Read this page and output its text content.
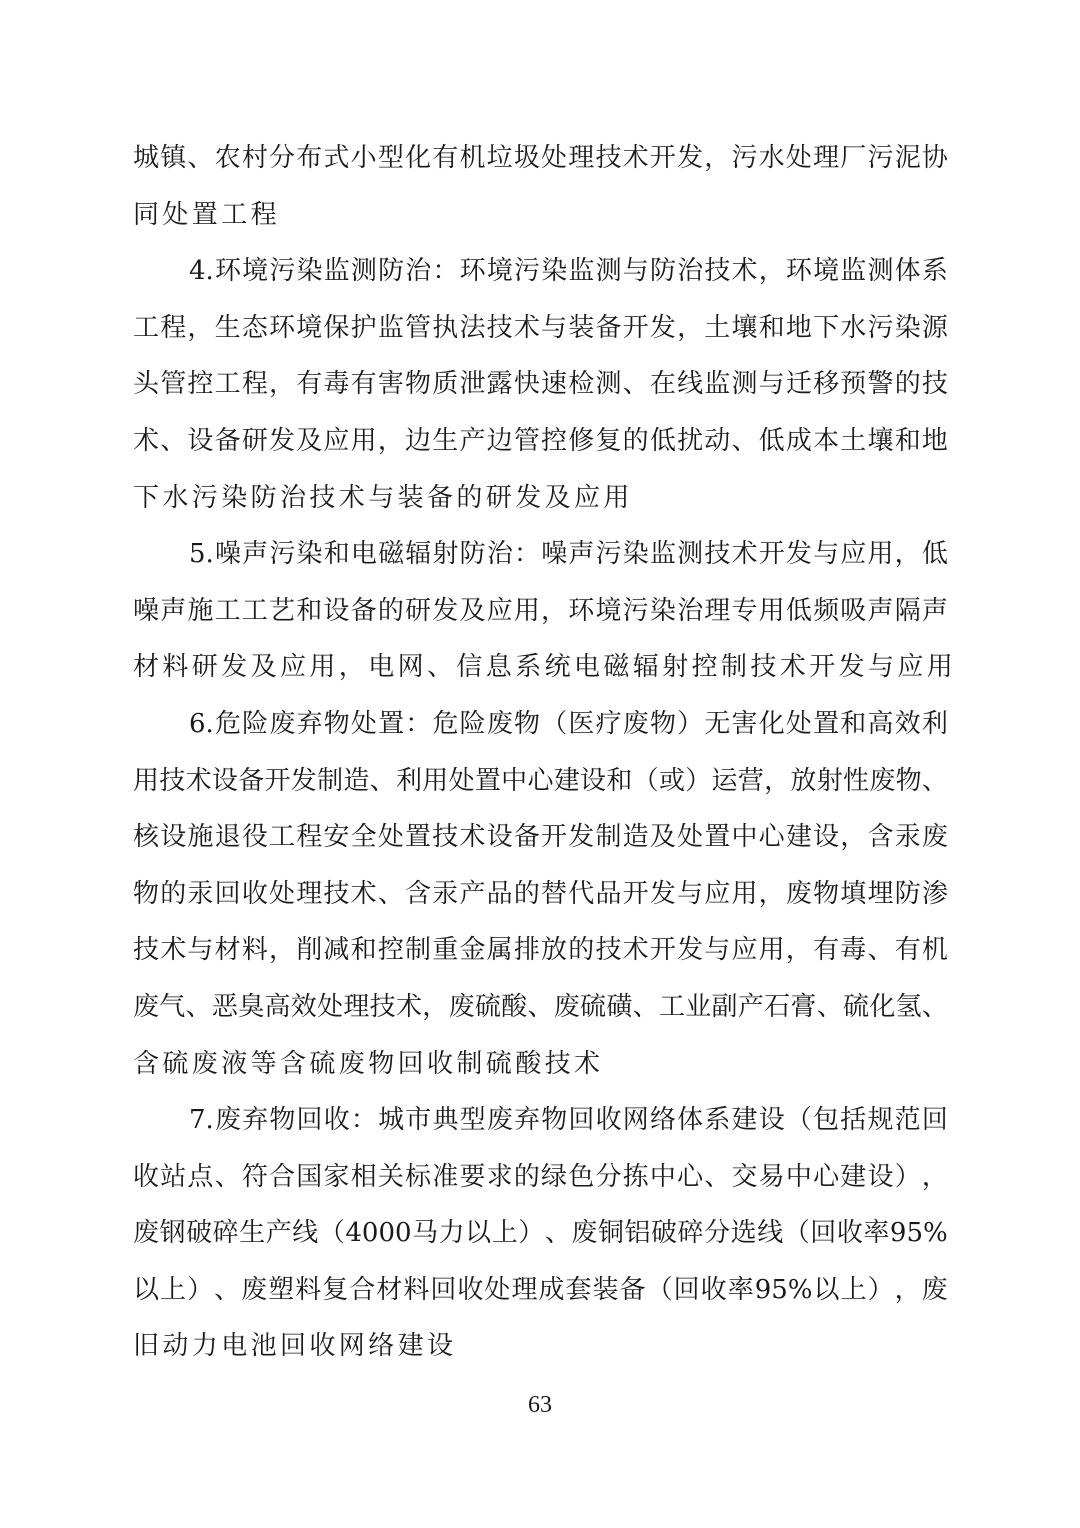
城 镇 、 农 村 分 布 式 小 型 化 有 机 垃 圾 处 理 技 术 开 发 ， 污 水 处 理 厂 污 泥 协
同处置工程
4. 环 境 污 染 监 测 防 治 ： 环 境 污 染 监 测 与 防 治 技 术 ， 环 境 监 测 体 系
工 程 ， 生 态 环 境 保 护 监 管 执 法 技 术 与 装 备 开 发 ， 土 壤 和 地 下 水 污 染 源
头 管 控 工 程 ， 有 毒 有 害 物 质 泄 露 快 速 检 测 、 在 线 监 测 与 迁 移 预 警 的 技
术 、 设 备 研 发 及 应 用 ， 边 生 产 边 管 控 修 复 的 低 扰 动 、 低 成 本 土 壤 和 地
下水污染防治技术与装备的研发及应用
5. 噪 声 污 染 和 电 磁 辐 射 防 治 ： 噪 声 污 染 监 测 技 术 开 发 与 应 用 ， 低
噪 声 施 工 工 艺 和 设 备 的 研 发 及 应 用 ， 环 境 污 染 治 理 专 用 低 频 吸 声 隔 声
材料研发及应用，电网、信息系统电磁辐射控制技术开发与应用
6. 危 险 废 弃 物 处 置 ： 危 险 废 物 （ 医 疗 废 物 ） 无 害 化 处 置 和 高 效 利
用 技 术 设 备 开 发 制 造 、 利 用 处 置 中 心 建 设 和 （ 或 ） 运 营 ， 放 射 性 废 物 、
核 设 施 退 役 工 程 安 全 处 置 技 术 设 备 开 发 制 造 及 处 置 中 心 建 设 ， 含 汞 废
物 的 汞 回 收 处 理 技 术 、 含 汞 产 品 的 替 代 品 开 发 与 应 用 ， 废 物 填 埋 防 渗
技 术 与 材 料 ， 削 减 和 控 制 重 金 属 排 放 的 技 术 开 发 与 应 用 ， 有 毒 、 有 机
废 气 、 恶 臭 高 效 处 理 技 术 ， 废 硫 酸 、 废 硫 磺 、 工 业 副 产 石 膏 、 硫 化 氢 、
含硫废液等含硫废物回收制硫酸技术
7. 废 弃 物 回 收 ： 城 市 典 型 废 弃 物 回 收 网 络 体 系 建 设 （ 包 括 规 范 回
收 站 点 、 符 合 国 家 相 关 标 准 要 求 的 绿 色 分 拣 中 心 、 交 易 中 心 建 设 ） ，
废 钢 破 碎 生 产 线 （ 4000 马 力 以 上 ） 、 废 铜 铝 破 碎 分 选 线 （ 回 收 率 95%
以 上 ） 、 废 塑 料 复 合 材 料 回 收 处 理 成 套 装 备 （ 回 收 率 95% 以 上 ） ， 废
旧动力电池回收网络建设
63
